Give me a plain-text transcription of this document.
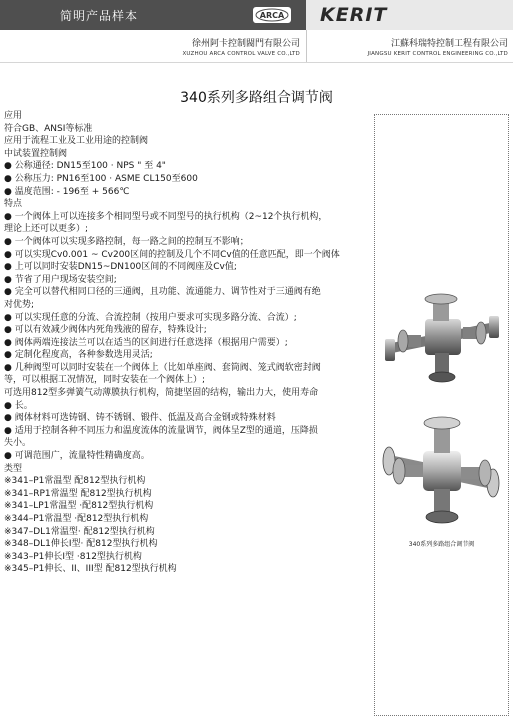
简明产品样本	ARCA KERIT
徐州阿卡控制閥門有限公司
XUZHOU ARCA CONTROL VALVE CO.,LTD
江蘇科瑞特控制工程有限公司
JIANGSU KERIT CONTROL ENGINEERING CO.,LTD
340系列多路组合调节阀
应用
符合GB、ANSI等标准
应用于流程工业及工业用途的控制阀
中试装置控制阀
● 公称通径: DN15至100 · NPS " 至 4"
● 公称压力: PN16至100 · ASME CL150至600
● 温度范围: - 196至 + 566℃
特点
● 一个阀体上可以连接多个相同型号或不同型号的执行机构（2~12个执行机构，
理论上还可以更多）;
● 一个阀体可以实现多路控制，每一路之间的控制互不影响；
● 可以实现Cv0.001 ~ Cv200区间的控制及几个不同Cv值的任意匹配，即一个阀体
● 上可以同时安装DN15~DN100区间的不同阀座及Cv值;
● 节省了用户现场安装空间;
● 完全可以替代相同口径的三通阀，且功能、流通能力、调节性对于三通阀有绝
对优势;
● 可以实现任意的分流、合流控制（按用户要求可实现多路分流、合流）;
● 可以有效减少阀体内死角残液的留存，特殊设计;
● 阀体两端连接法兰可以在适当的区间进行任意选择（根据用户需要）;
● 定制化程度高，各种参数选用灵活;
● 几种阀型可以同时安装在一个阀体上（比如单座阀、套筒阀、笼式阀软密封阀
等，可以根据工况情况，同时安装在一个阀体上）;
可选用812型多弹簧气动薄膜执行机构，简捷坚固的结构，输出力大，使用寿命
● 长。
● 阀体材料可选铸钢、铸不锈钢、锻件、低温及高合金钢或特殊材料
● 适用于控制各种不同压力和温度流体的流量调节，阀体呈Z型的通道，压降损
失小。
● 可调范围广，流量特性精确度高。
类型
※341–P1常温型 配812型执行机构
※341–RP1常温型 配812型执行机构
※341–LP1常温型 ·配812型执行机构
※344–P1常温型 ·配812型执行机构
※347–DL1常温型· 配812型执行机构
※348–DL1伸长I型· 配812型执行机构
※343–P1伸长I型 ·812型执行机构
※345–P1伸长、II、III型 配812型执行机构
340系列多路组合调节阀
